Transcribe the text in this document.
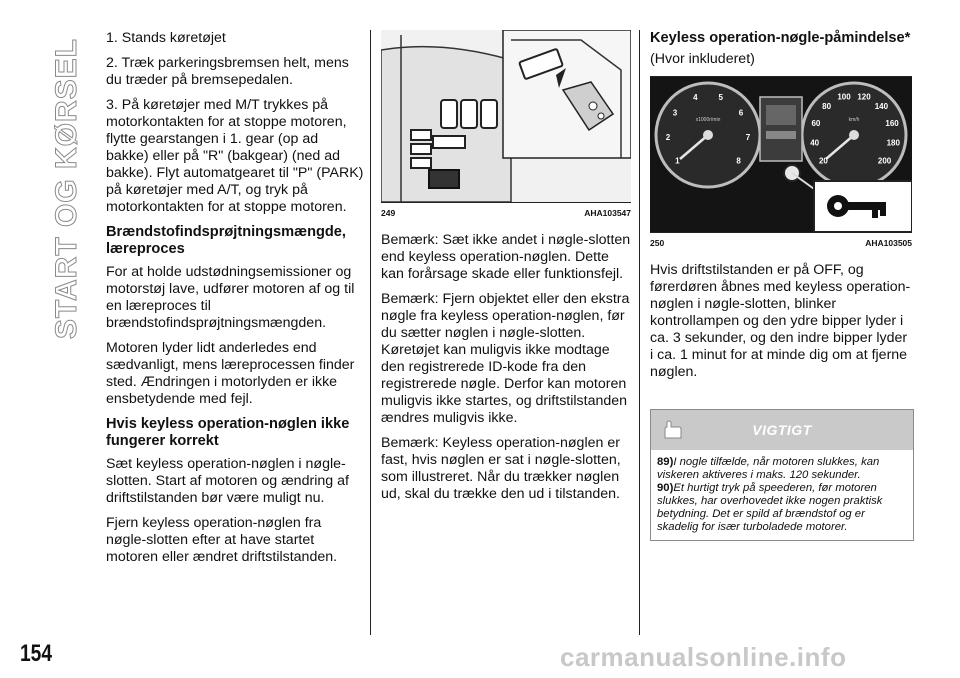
START OG KØRSEL 1. Stands køretøjet

2. Træk parkeringsbremsen helt, mens du træder på bremsepedalen.

3. På køretøjer med M/T trykkes på motorkontakten for at stoppe motoren, flytte gearstangen i 1. gear (op ad bakke) eller på "R" (bakgear) (ned ad bakke). Flyt automatgearet til "P" (PARK) på køretøjer med A/T, og tryk på motorkontakten for at stoppe motoren.

Brændstofindsprøjtningsmængde, læreproces

For at holde udstødningsemissioner og motorstøj lave, udfører motoren af og til en læreproces til brændstofindsprøjtningsmængden.

Motoren lyder lidt anderledes end sædvanligt, mens læreprocessen finder sted. Ændringen i motorlyden er ikke ensbetydende med fejl.

Hvis keyless operation-nøglen ikke fungerer korrekt

Sæt keyless operation-nøglen i nøgle-slotten. Start af motoren og ændring af driftstilstanden bør være muligt nu.

Fjern keyless operation-nøglen fra nøgle-slotten efter at have startet motoren eller ændret driftstilstanden.

249	AHA103547

Bemærk: Sæt ikke andet i nøgle-slotten end keyless operation-nøglen. Dette kan forårsage skade eller funktionsfejl.

Bemærk: Fjern objektet eller den ekstra nøgle fra keyless operation-nøglen, før du sætter nøglen i nøgle-slotten. Køretøjet kan muligvis ikke modtage den registrerede ID-kode fra den registrerede nøgle. Derfor kan motoren muligvis ikke startes, og driftstilstanden ændres muligvis ikke.

Bemærk: Keyless operation-nøglen er fast, hvis nøglen er sat i nøgle-slotten, som illustreret. Når du trækker nøglen ud, skal du trække den ud i tilstanden.

Keyless operation-nøgle-påmindelse*

(Hvor inkluderet)

1
2
3
4	5
6
7
8
x1000r/min
20
40
60
80
100 120
140
160
180
200
km/h
250	AHA103505

Hvis driftstilstanden er på OFF, og førerdøren åbnes med keyless operation-nøglen i nøgle-slotten, blinker kontrollampen og den ydre bipper lyder i ca. 3 sekunder, og den indre bipper lyder i ca. 1 minut for at minde dig om at fjerne nøglen.

VIGTIGT
89)I nogle tilfælde, når motoren slukkes, kan viskeren aktiveres i maks. 120 sekunder.
90)Et hurtigt tryk på speederen, før motoren slukkes, har overhovedet ikke nogen praktisk betydning. Det er spild af brændstof og er skadelig for især turboladede motorer.
154	carmanualsonline.info
